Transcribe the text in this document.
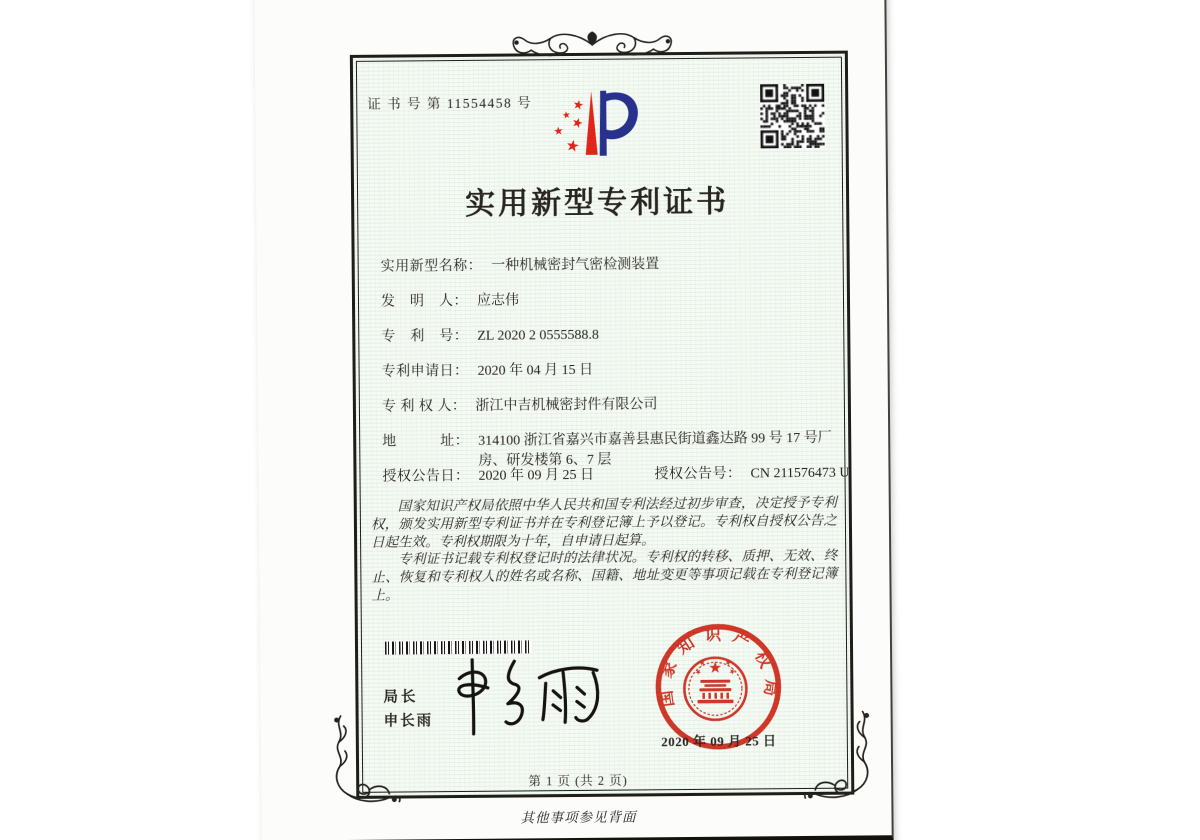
证 书 号 第 11554458 号
实用新型专利证书
实用新型名称： 一种机械密封气密检测装置
发　明　人： 应志伟
专　利　号： ZL 2020 2 0555588.8
专利申请日： 2020 年 04 月 15 日
专 利 权 人： 浙江中吉机械密封件有限公司
地　　　址： 314100 浙江省嘉兴市嘉善县惠民街道鑫达路 99 号 17 号厂房、研发楼第 6、7 层
授权公告日： 2020 年 09 月 25 日	授权公告号： CN 211576473 U

国家知识产权局依照中华人民共和国专利法经过初步审查，决定授予专利权，颁发实用新型专利证书并在专利登记簿上予以登记。专利权自授权公告之日起生效。专利权期限为十年，自申请日起算。

专利证书记载专利权登记时的法律状况。专利权的转移、质押、无效、终止、恢复和专利权人的姓名或名称、国籍、地址变更等事项记载在专利登记簿上。

局长
申长雨
国家知识产权局
2020 年 09 月 25 日
第 1 页 (共 2 页)
其他事项参见背面
